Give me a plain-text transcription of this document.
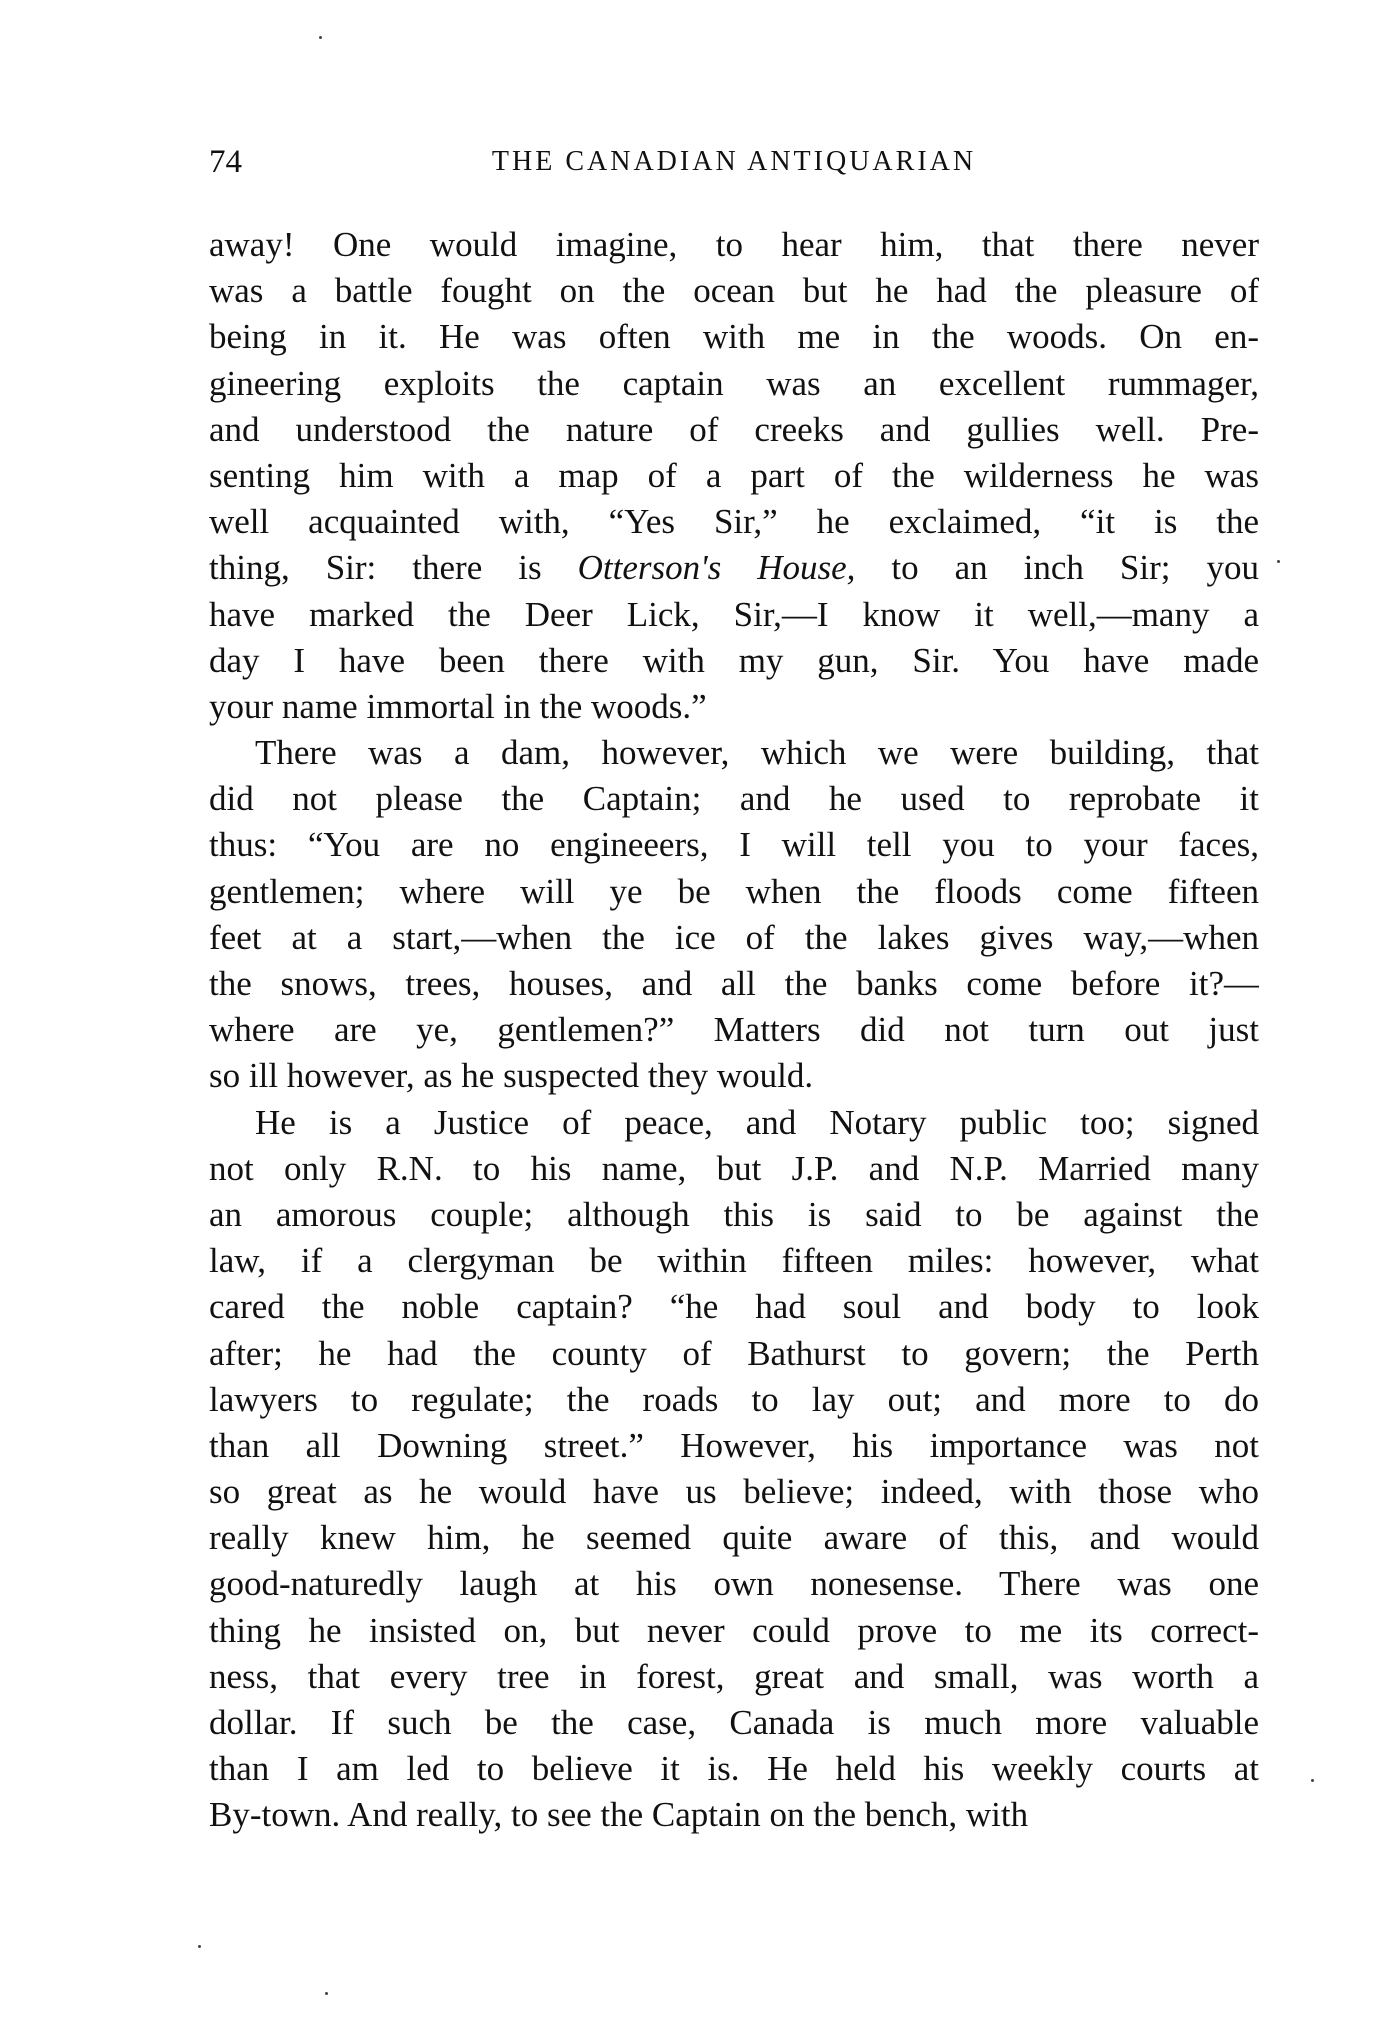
74	THE CANADIAN ANTIQUARIAN
away! One would imagine, to hear him, that there never
was a battle fought on the ocean but he had the pleasure of
being in it. He was often with me in the woods. On en-
gineering exploits the captain was an excellent rummager,
and understood the nature of creeks and gullies well. Pre-
senting him with a map of a part of the wilderness he was
well acquainted with, “Yes Sir,” he exclaimed, “it is the
thing, Sir: there is Otterson's House, to an inch Sir; you
have marked the Deer Lick, Sir,—I know it well,—many a
day I have been there with my gun, Sir. You have made
your name immortal in the woods.”
There was a dam, however, which we were building, that
did not please the Captain; and he used to reprobate it
thus: “You are no engineeers, I will tell you to your faces,
gentlemen; where will ye be when the floods come fifteen
feet at a start,—when the ice of the lakes gives way,—when
the snows, trees, houses, and all the banks come before it?—
where are ye, gentlemen?” Matters did not turn out just
so ill however, as he suspected they would.
He is a Justice of peace, and Notary public too; signed
not only R.N. to his name, but J.P. and N.P. Married many
an amorous couple; although this is said to be against the
law, if a clergyman be within fifteen miles: however, what
cared the noble captain? “he had soul and body to look
after; he had the county of Bathurst to govern; the Perth
lawyers to regulate; the roads to lay out; and more to do
than all Downing street.” However, his importance was not
so great as he would have us believe; indeed, with those who
really knew him, he seemed quite aware of this, and would
good-naturedly laugh at his own nonesense. There was one
thing he insisted on, but never could prove to me its correct-
ness, that every tree in forest, great and small, was worth a
dollar. If such be the case, Canada is much more valuable
than I am led to believe it is. He held his weekly courts at
By-town. And really, to see the Captain on the bench, with
